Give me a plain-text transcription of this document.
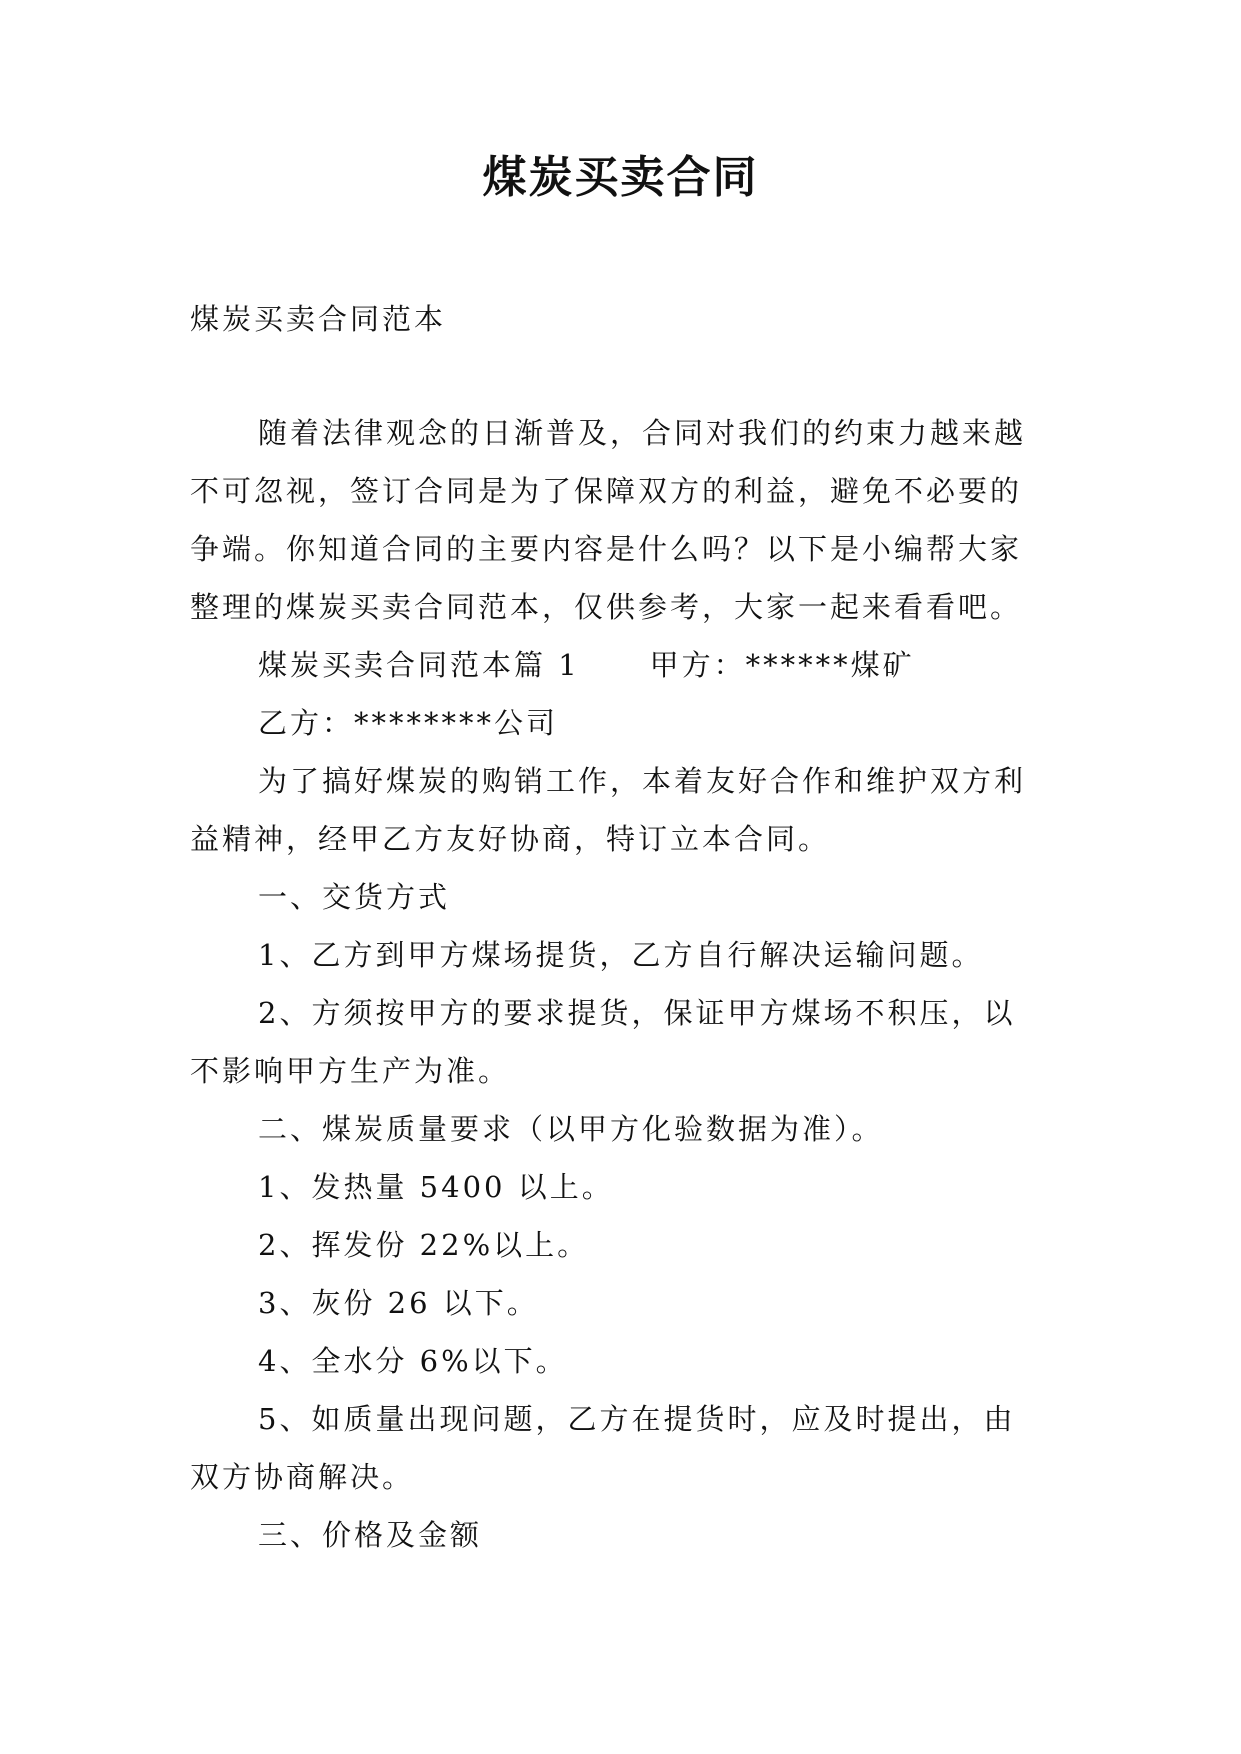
煤炭买卖合同
煤炭买卖合同范本
随着法律观念的日渐普及，合同对我们的约束力越来越
不可忽视，签订合同是为了保障双方的利益，避免不必要的
争端。你知道合同的主要内容是什么吗？以下是小编帮大家
整理的煤炭买卖合同范本，仅供参考，大家一起来看看吧。
煤炭买卖合同范本篇 1 甲方：******煤矿
乙方：********公司
为了搞好煤炭的购销工作，本着友好合作和维护双方利
益精神，经甲乙方友好协商，特订立本合同。
一、交货方式
1、乙方到甲方煤场提货，乙方自行解决运输问题。
2、方须按甲方的要求提货，保证甲方煤场不积压，以
不影响甲方生产为准。
二、煤炭质量要求（以甲方化验数据为准）。
1、发热量 5400 以上。
2、挥发份 22%以上。
3、灰份 26 以下。
4、全水分 6%以下。
5、如质量出现问题，乙方在提货时，应及时提出，由
双方协商解决。
三、价格及金额
